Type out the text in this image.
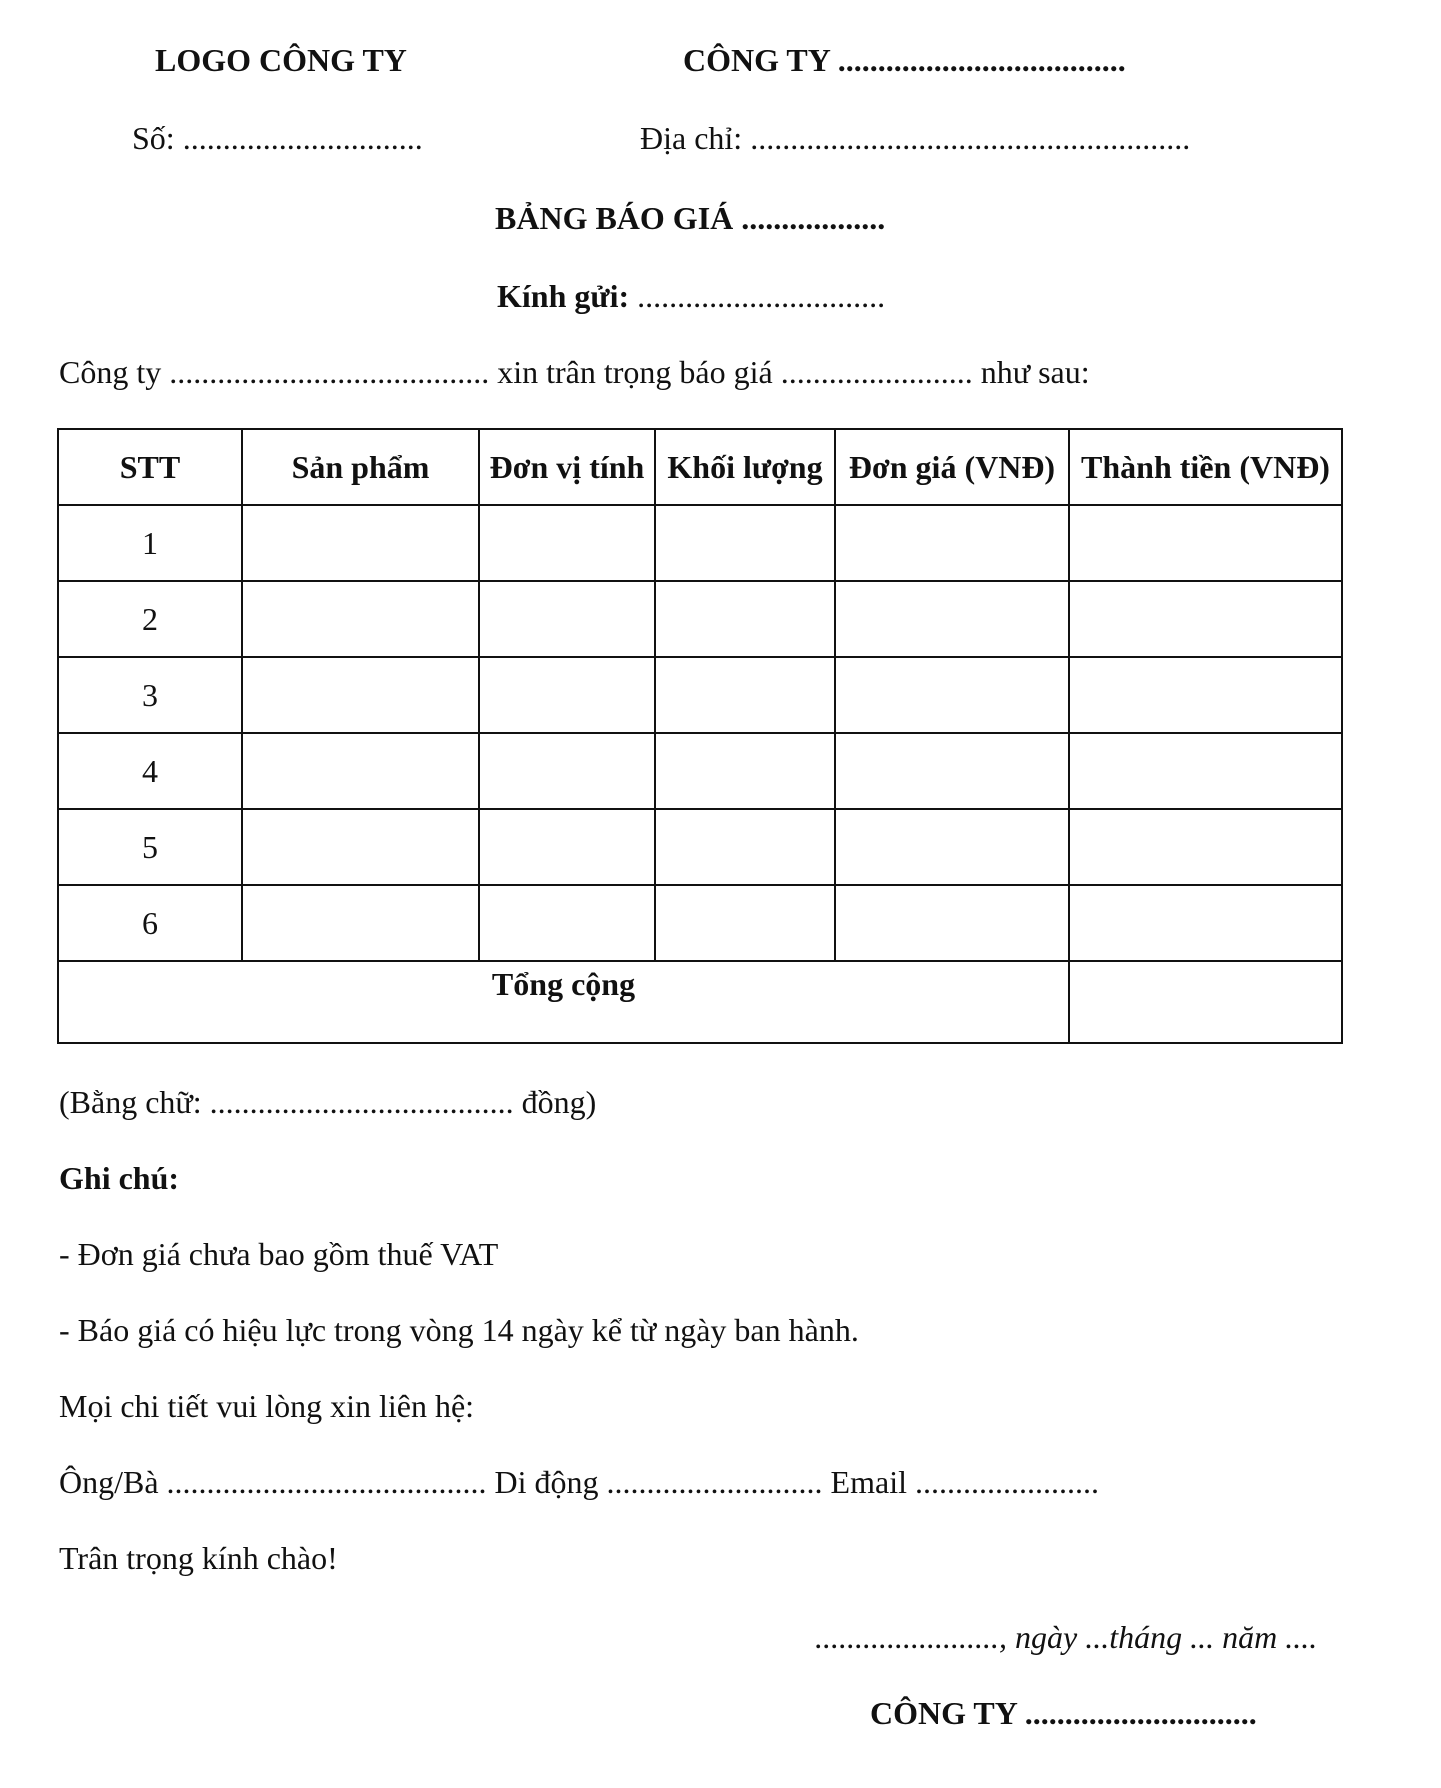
LOGO CÔNG TY	CÔNG TY ....................................
Số: ..............................	Địa chỉ: .......................................................
BẢNG BÁO GIÁ ..................
Kính gửi: ...............................
Công ty ........................................ xin trân trọng báo giá ........................ như sau:
STT	Sản phẩm	Đơn vị tính	Khối lượng	Đơn giá (VNĐ)	Thành tiền (VNĐ)
1					
2					
3					
4					
5					
6					
Tổng cộng					
(Bằng chữ: ...................................... đồng)
Ghi chú:
- Đơn giá chưa bao gồm thuế VAT
- Báo giá có hiệu lực trong vòng 14 ngày kể từ ngày ban hành.
Mọi chi tiết vui lòng xin liên hệ:
Ông/Bà ........................................ Di động ........................... Email .......................
Trân trọng kính chào!
......................., ngày ...tháng ... năm ....
CÔNG TY .............................
